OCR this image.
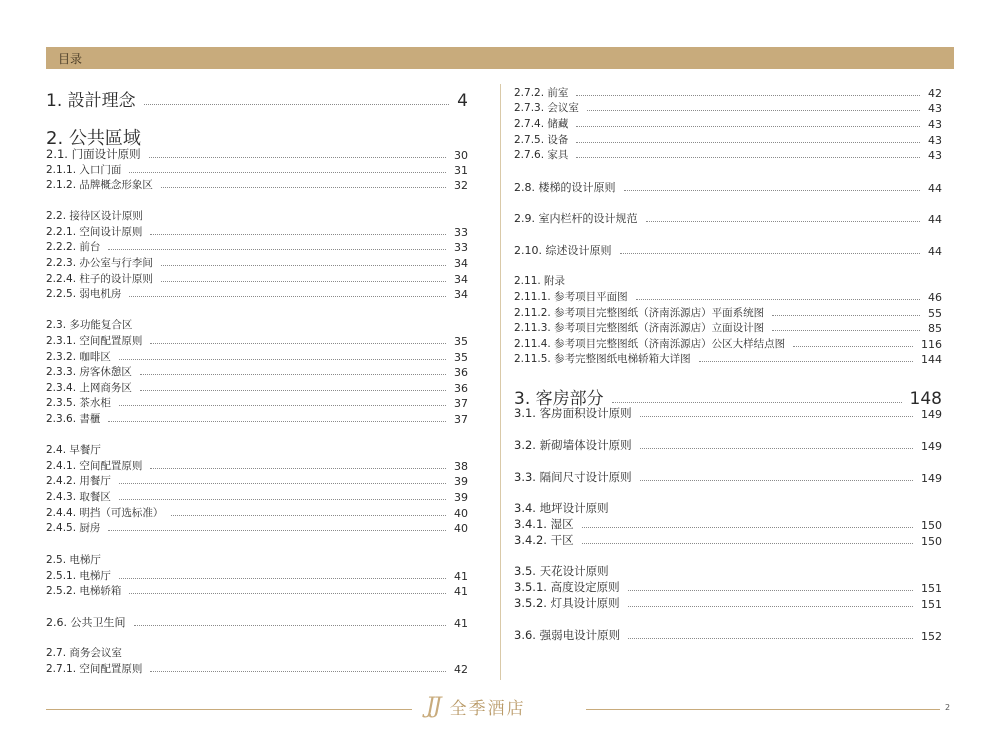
目录
1. 設計理念	4
2. 公共區域
2.1. 门面设计原则	30
2.1.1. 入口门面	31
2.1.2. 品牌概念形象区	32
2.2. 接待区设计原则
2.2.1. 空间设计原则	33
2.2.2. 前台	33
2.2.3. 办公室与行李间	34
2.2.4. 柱子的设计原则	34
2.2.5. 弱电机房	34
2.3. 多功能复合区
2.3.1. 空间配置原则	35
2.3.2. 咖啡区	35
2.3.3. 房客休憩区	36
2.3.4. 上网商务区	36
2.3.5. 茶水柜	37
2.3.6. 書櫃	37
2.4. 早餐厅
2.4.1. 空间配置原则	38
2.4.2. 用餐厅	39
2.4.3. 取餐区	39
2.4.4. 明挡（可选标准）	40
2.4.5. 厨房	40
2.5. 电梯厅
2.5.1. 电梯厅	41
2.5.2. 电梯轿箱	41
2.6. 公共卫生间	41
2.7. 商务会议室
2.7.1. 空间配置原则	42
2.7.2. 前室	42
2.7.3. 会议室	43
2.7.4. 储藏	43
2.7.5. 设备	43
2.7.6. 家具	43
2.8. 楼梯的设计原则	44
2.9. 室内栏杆的设计规范	44
2.10. 综述设计原则	44
2.11. 附录
2.11.1. 参考项目平面图	46
2.11.2. 参考项目完整图纸（济南泺源店）平面系统图	55
2.11.3. 参考项目完整图纸（济南泺源店）立面设计图	85
2.11.4. 参考项目完整图纸（济南泺源店）公区大样结点图	116
2.11.5. 参考完整图纸电梯轿箱大详图	144
3. 客房部分	148
3.1. 客房面积设计原则	149
3.2. 新砌墙体设计原则	149
3.3. 隔间尺寸设计原则	149
3.4. 地坪设计原则
3.4.1. 湿区	150
3.4.2. 干区	150
3.5. 天花设计原则
3.5.1. 高度设定原则	151
3.5.2. 灯具设计原则	151
3.6. 强弱电设计原则	152
JJ 全季酒店	2
